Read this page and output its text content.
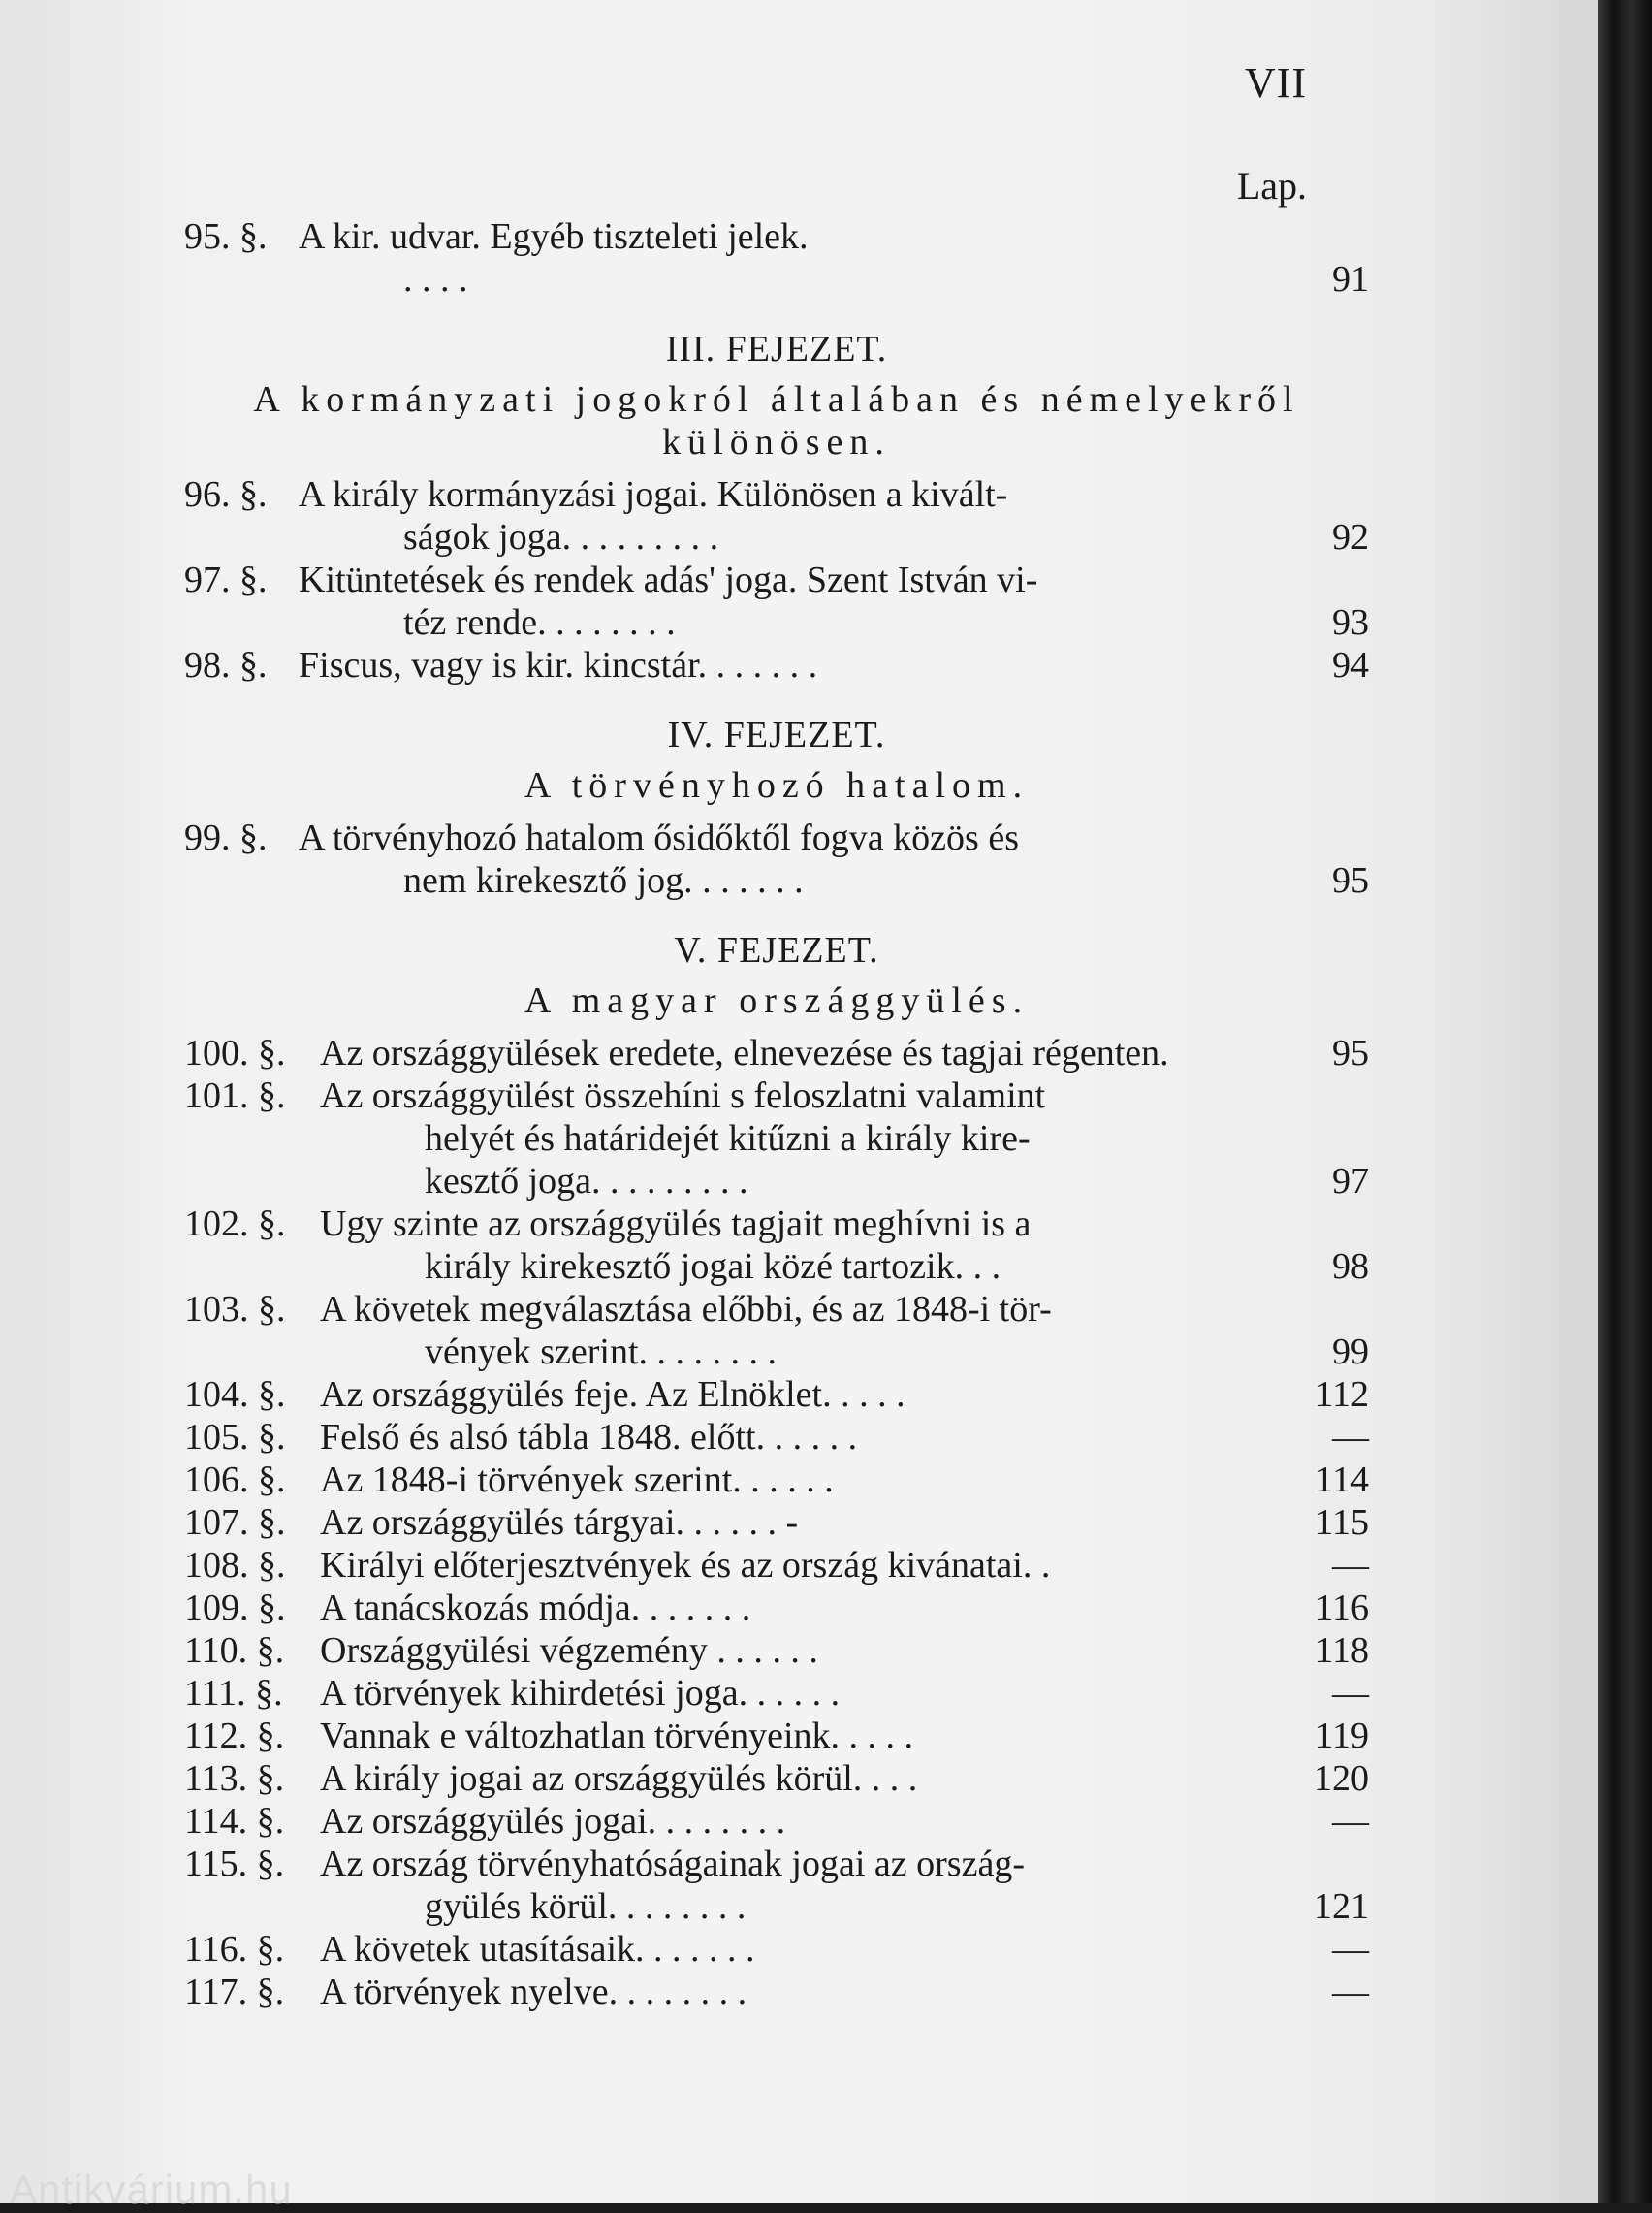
VII
Lap.
95. §. A kir. udvar. Egyéb tiszteleti jelek.
. . . .	91
III. FEJEZET.
A kormányzati jogokról általában és némelyekről különösen.
96. §. A király kormányzási jogai. Különösen a kivált-
ságok joga. . . . . . . . .	92
97. §. Kitüntetések és rendek adás' joga. Szent István vi-
téz rende. . . . . . . .	93
98. §. Fiscus, vagy is kir. kincstár. . . . . . .	94
IV. FEJEZET.
A törvényhozó hatalom.
99. §. A törvényhozó hatalom ősidőktől fogva közös és
nem kirekesztő jog. . . . . . .	95
V. FEJEZET.
A magyar országgyülés.
100. §. Az országgyülések eredete, elnevezése és tagjai régenten.	95
101. §. Az országgyülést összehíni s feloszlatni valamint
helyét és határidejét kitűzni a király kire-
kesztő joga. . . . . . . . .	97
102. §. Ugy szinte az országgyülés tagjait meghívni is a
király kirekesztő jogai közé tartozik. . .	98
103. §. A követek megválasztása előbbi, és az 1848-i tör-
vények szerint. . . . . . . .	99
104. §. Az országgyülés feje. Az Elnöklet. . . . .	112
105. §. Felső és alsó tábla 1848. előtt. . . . . .	—
106. §. Az 1848-i törvények szerint. . . . . .	114
107. §. Az országgyülés tárgyai. . . . . . -	115
108. §. Királyi előterjesztvények és az ország kivánatai. .	—
109. §. A tanácskozás módja. . . . . . .	116
110. §. Országgyülési végzemény . . . . . .	118
111. §.	A törvények kihirdetési joga. . . . . .	—
112. §. Vannak e változhatlan törvényeink. . . . .	119
113. §. A király jogai az országgyülés körül. . . .	120
114. §. Az országgyülés jogai. . . . . . . .	—
115. §. Az ország törvényhatóságainak jogai az ország-
gyülés körül. . . . . . . .	121
116. §. A követek utasításaik. . . . . . .	—
117. §. A törvények nyelve. . . . . . . .	—
Antikvárium.hu
